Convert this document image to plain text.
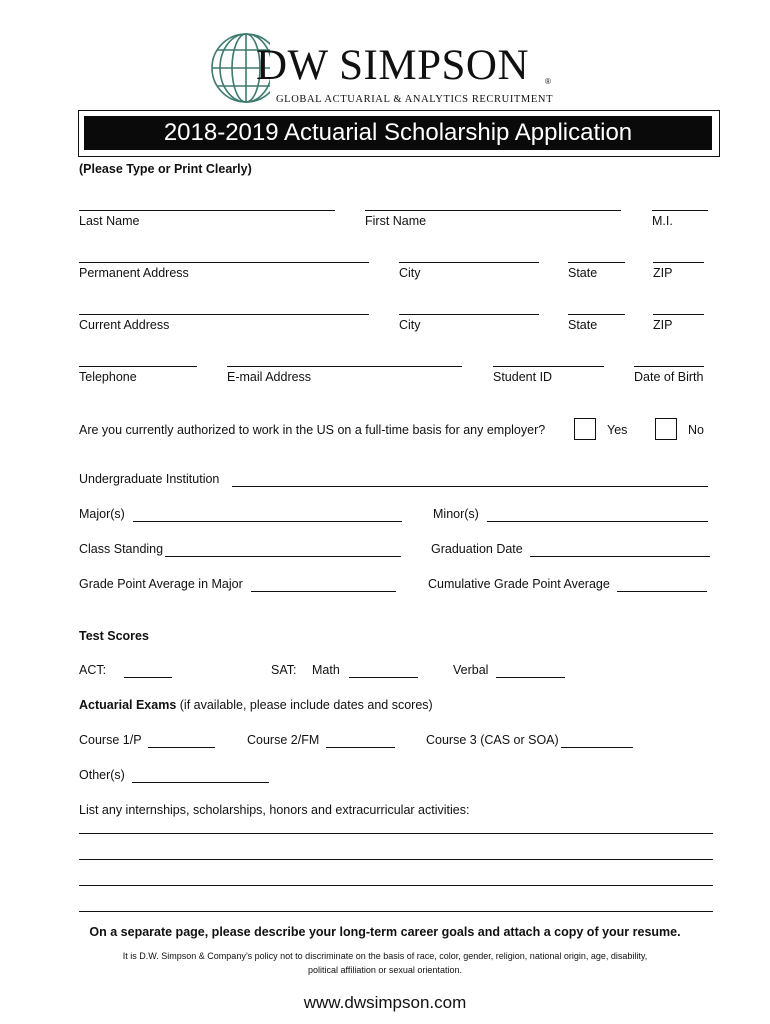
DW SIMPSON ®
GLOBAL ACTUARIAL & ANALYTICS RECRUITMENT
2018-2019 Actuarial Scholarship Application
(Please Type or Print Clearly)
Last Name	First Name	M.I.
Permanent Address	City	State	ZIP
Current Address	City	State	ZIP
Telephone	E-mail Address	Student ID	Date of Birth
Are you currently authorized to work in the US on a full-time basis for any employer?	Yes	No
Undergraduate Institution
Major(s)	Minor(s)
Class Standing	Graduation Date
Grade Point Average in Major	Cumulative Grade Point Average
Test Scores
ACT:	SAT: Math	Verbal
Actuarial Exams (if available, please include dates and scores)
Course 1/P	Course 2/FM	Course 3 (CAS or SOA)
Other(s)
List any internships, scholarships, honors and extracurricular activities:
On a separate page, please describe your long-term career goals and attach a copy of your resume.
It is D.W. Simpson & Company’s policy not to discriminate on the basis of race, color, gender, religion, national origin, age, disability,
political affiliation or sexual orientation.
www.dwsimpson.com
